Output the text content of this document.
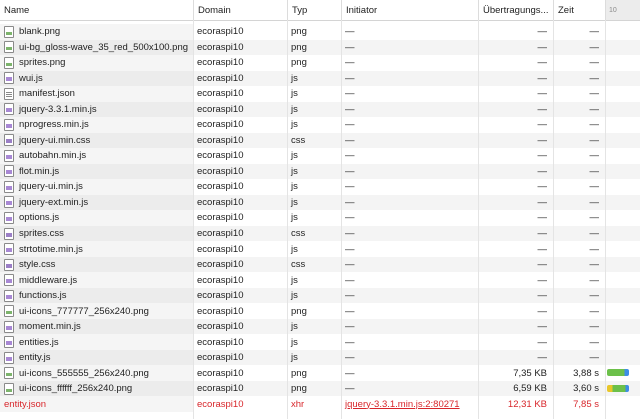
Name	Domain	Typ	Initiator	Übertragungs...	Zeit	10
blank.png	ecoraspi10	png	—	—	—
ui-bg_gloss-wave_35_red_500x100.png ecoraspi10	png	—	—	—
sprites.png	ecoraspi10	png	—	—	—
wui.js	ecoraspi10	js	—	—	—
manifest.json	ecoraspi10	js	—	—	—
jquery-3.3.1.min.js	ecoraspi10	js	—	—	—
nprogress.min.js	ecoraspi10	js	—	—	—
jquery-ui.min.css	ecoraspi10	css	—	—	—
autobahn.min.js	ecoraspi10	js	—	—	—
flot.min.js	ecoraspi10	js	—	—	—
jquery-ui.min.js	ecoraspi10	js	—	—	—
jquery-ext.min.js	ecoraspi10	js	—	—	—
options.js	ecoraspi10	js	—	—	—
sprites.css	ecoraspi10	css	—	—	—
strtotime.min.js	ecoraspi10	js	—	—	—
style.css	ecoraspi10	css	—	—	—
middleware.js	ecoraspi10	js	—	—	—
functions.js	ecoraspi10	js	—	—	—
ui-icons_777777_256x240.png	ecoraspi10	png	—	—	—
moment.min.js	ecoraspi10	js	—	—	—
entities.js	ecoraspi10	js	—	—	—
entity.js	ecoraspi10	js	—	—	—
ui-icons_555555_256x240.png	ecoraspi10	png	—	7,35 KB	3,88 s
ui-icons_ffffff_256x240.png	ecoraspi10	png	—	6,59 KB	3,60 s
entity.json	ecoraspi10	xhr	jquery-3.3.1.min.js:2:80271	12,31 KB	7,85 s
